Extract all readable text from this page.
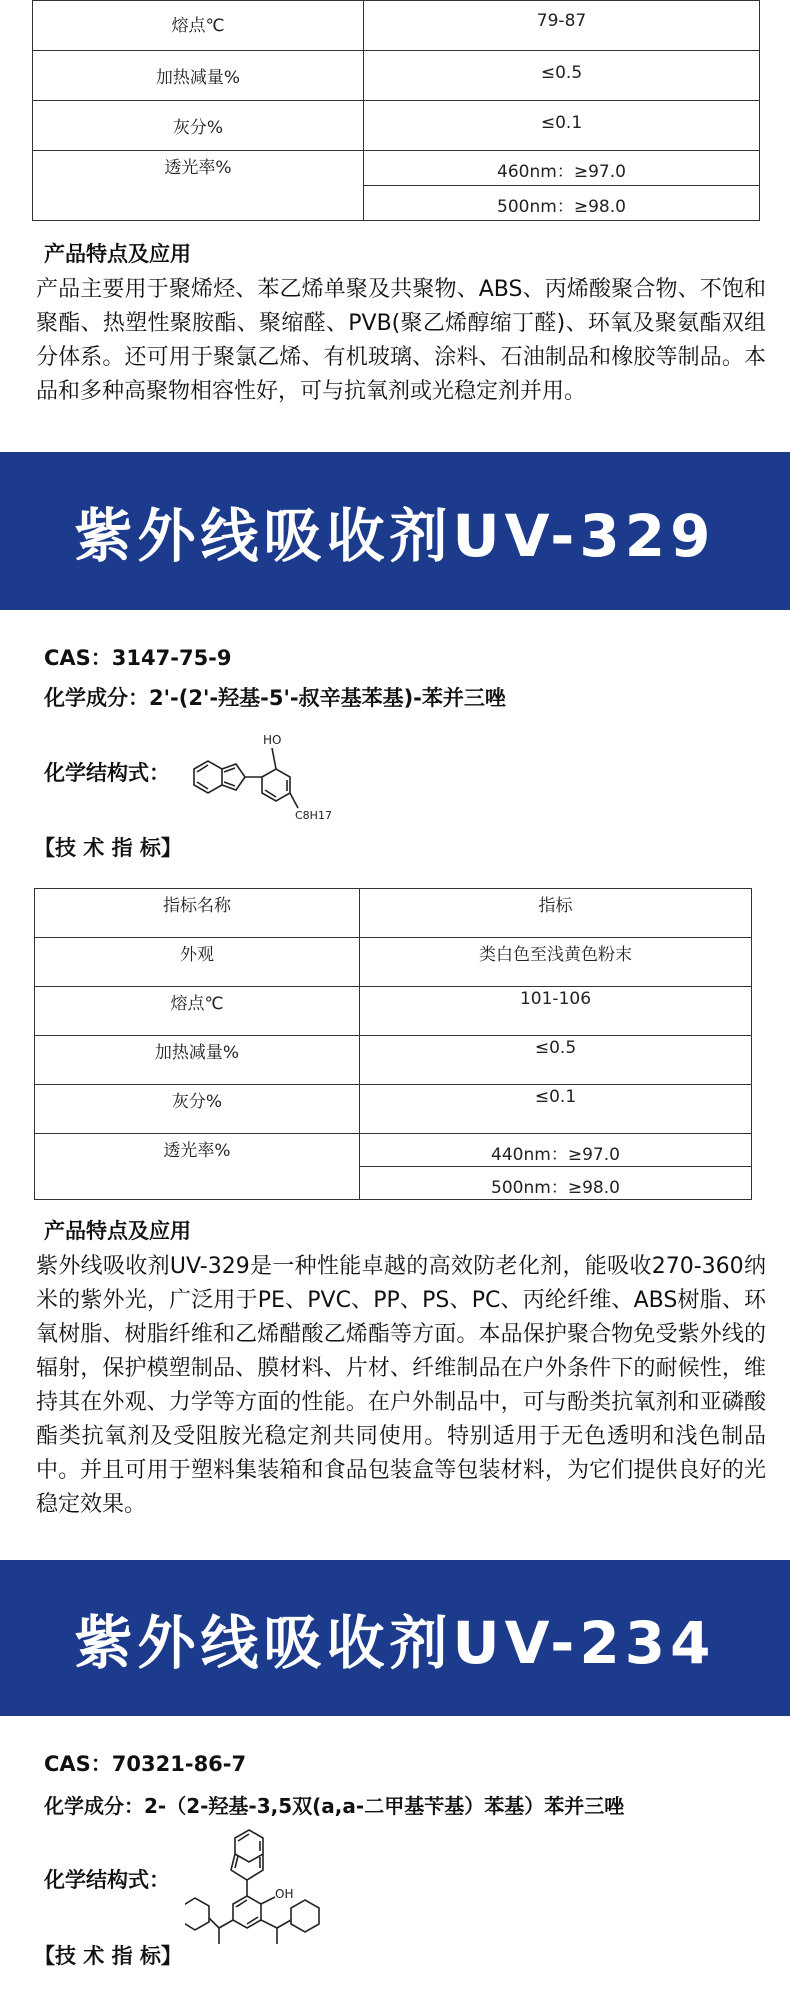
熔点℃	79-87
加热减量%	≤0.5
灰分%	≤0.1
透光率%	460nm：≥97.0
	500nm：≥98.0
产品特点及应用
产品主要用于聚烯烃、苯乙烯单聚及共聚物、ABS、丙烯酸聚合物、不饱和聚酯、热塑性聚胺酯、聚缩醛、PVB(聚乙烯醇缩丁醛)、环氧及聚氨酯双组分体系。还可用于聚氯乙烯、有机玻璃、涂料、石油制品和橡胶等制品。本品和多种高聚物相容性好，可与抗氧剂或光稳定剂并用。
紫外线吸收剂UV-329
CAS：3147-75-9
化学成分：2'-(2'-羟基-5'-叔辛基苯基)-苯并三唑
化学结构式：
HO
C8H17
【技 术 指 标】
指标名称	指标
外观	类白色至浅黄色粉末
熔点℃	101-106
加热减量%	≤0.5
灰分%	≤0.1
透光率%	440nm：≥97.0
	500nm：≥98.0
产品特点及应用
紫外线吸收剂UV-329是一种性能卓越的高效防老化剂，能吸收270-360纳米的紫外光，广泛用于PE、PVC、PP、PS、PC、丙纶纤维、ABS树脂、环氧树脂、树脂纤维和乙烯醋酸乙烯酯等方面。本品保护聚合物免受紫外线的辐射，保护模塑制品、膜材料、片材、纤维制品在户外条件下的耐候性，维持其在外观、力学等方面的性能。在户外制品中，可与酚类抗氧剂和亚磷酸酯类抗氧剂及受阻胺光稳定剂共同使用。特别适用于无色透明和浅色制品中。并且可用于塑料集装箱和食品包装盒等包装材料，为它们提供良好的光稳定效果。
紫外线吸收剂UV-234
CAS：70321-86-7
化学成分：2-（2-羟基-3,5双(a,a-二甲基苄基）苯基）苯并三唑
化学结构式：
OH
【技 术 指 标】
